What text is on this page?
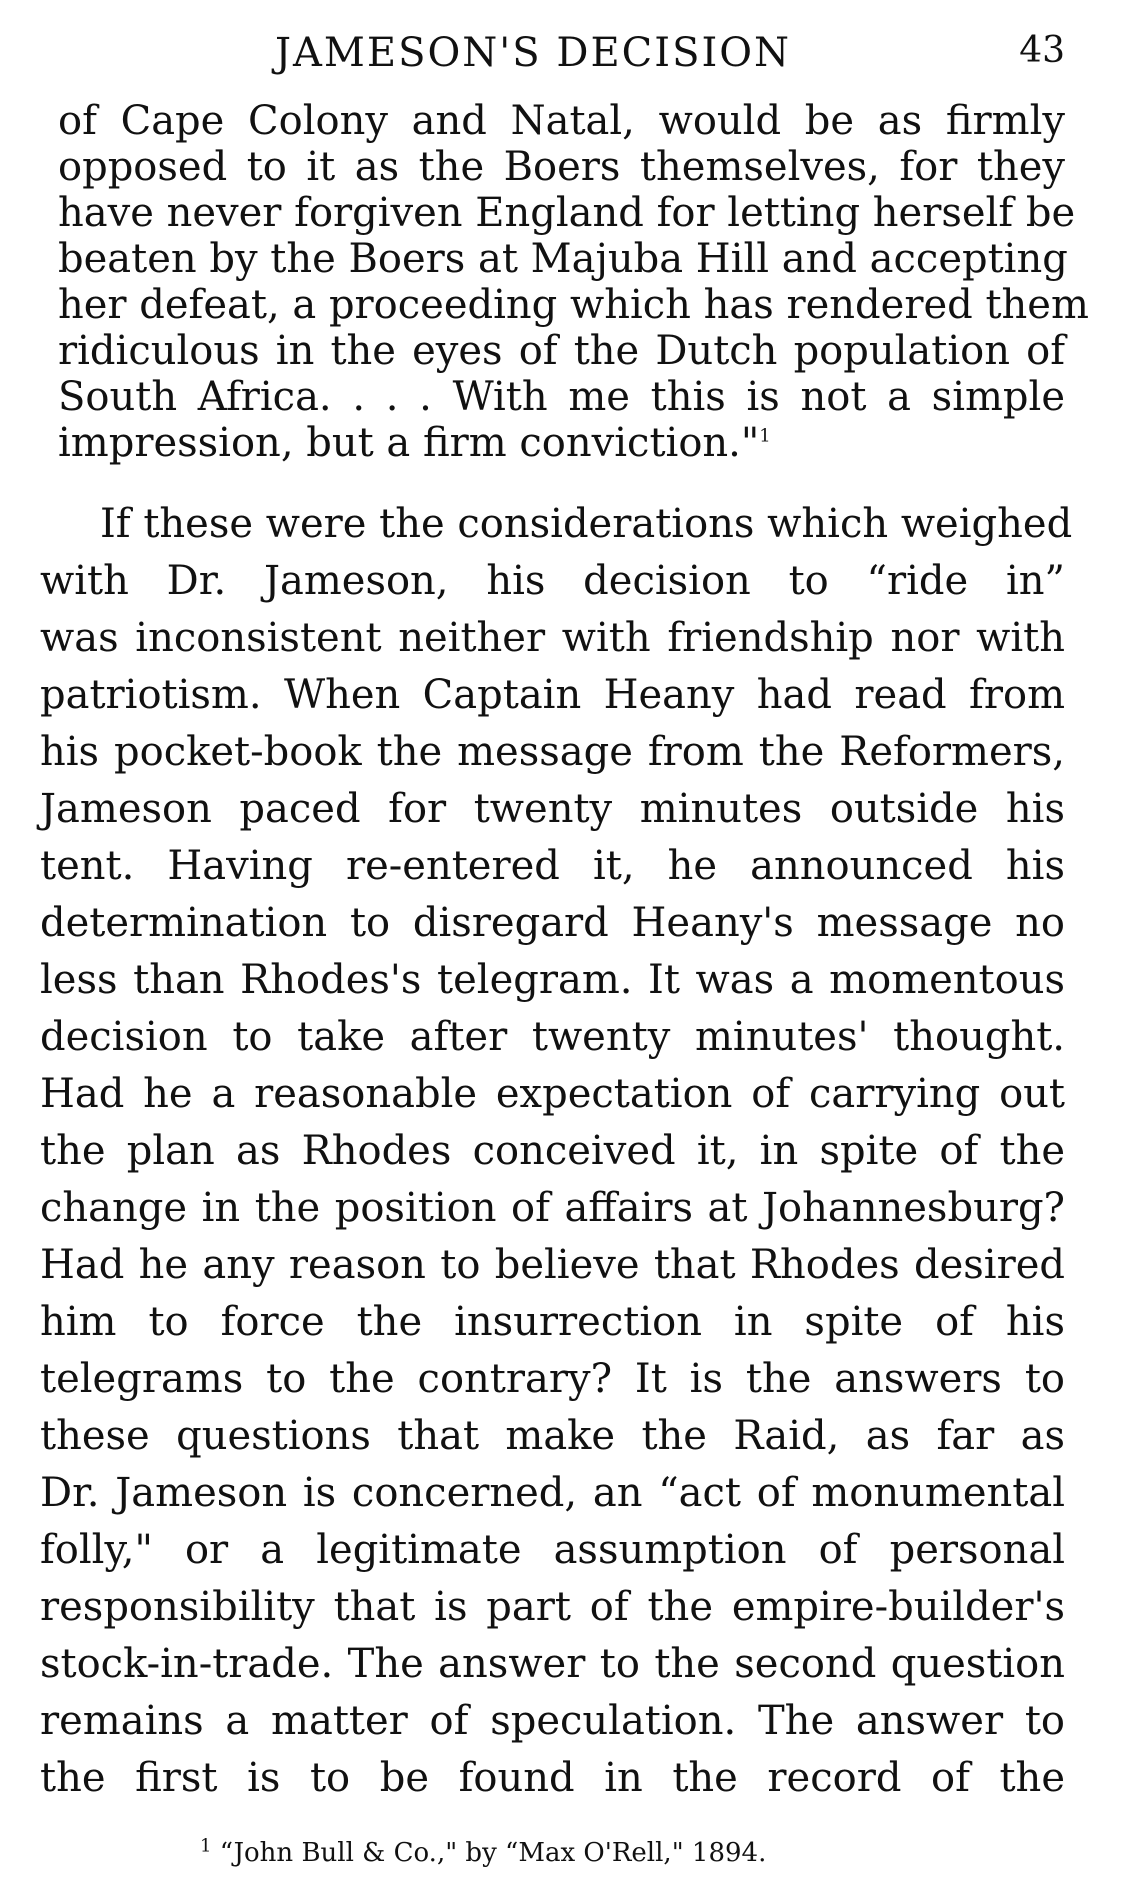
JAMESON'S DECISION	43
of Cape Colony and Natal, would be as firmly
opposed to it as the Boers themselves, for they
have never forgiven England for letting herself be
beaten by the Boers at Majuba Hill and accepting
her defeat, a proceeding which has rendered them
ridiculous in the eyes of the Dutch population of
South Africa. . . . With me this is not a simple
impression, but a firm conviction."$^1$
If these were the considerations which weighed
with Dr. Jameson, his decision to “ride in”
was inconsistent neither with friendship nor with
patriotism. When Captain Heany had read from
his pocket-book the message from the Reformers,
Jameson paced for twenty minutes outside his
tent. Having re-entered it, he announced his
determination to disregard Heany's message no
less than Rhodes's telegram. It was a momentous
decision to take after twenty minutes' thought.
Had he a reasonable expectation of carrying out
the plan as Rhodes conceived it, in spite of the
change in the position of affairs at Johannesburg?
Had he any reason to believe that Rhodes desired
him to force the insurrection in spite of his
telegrams to the contrary? It is the answers to
these questions that make the Raid, as far as
Dr. Jameson is concerned, an “act of monumental
folly," or a legitimate assumption of personal
responsibility that is part of the empire-builder's
stock-in-trade. The answer to the second question
remains a matter of speculation. The answer to
the first is to be found in the record of the
$^1$ “John Bull & Co.," by “Max O'Rell," 1894.
